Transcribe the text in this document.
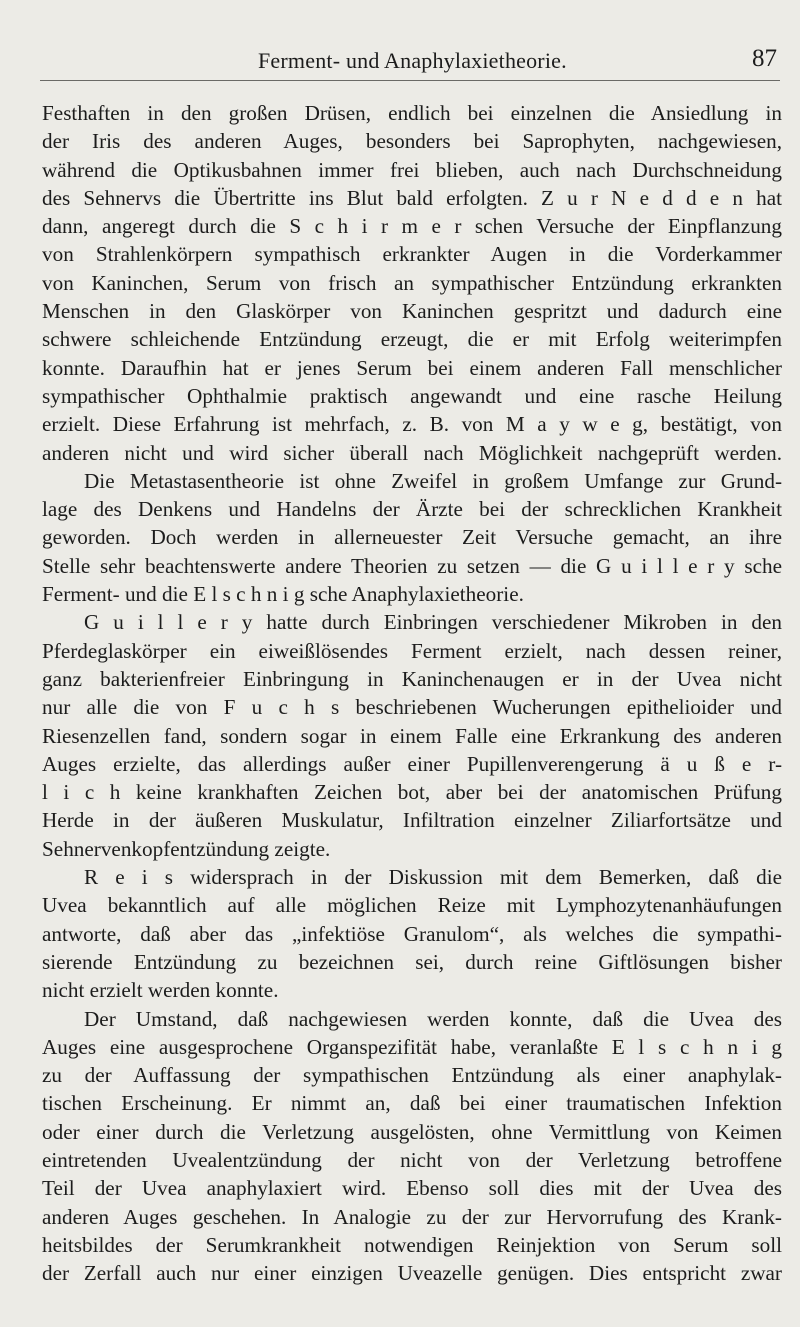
Ferment- und Anaphylaxietheorie.	87
Festhaften in den großen Drüsen, endlich bei einzelnen die Ansiedlung in
der Iris des anderen Auges, besonders bei Saprophyten, nachgewiesen,
während die Optikusbahnen immer frei blieben, auch nach Durchschneidung
des Sehnervs die Übertritte ins Blut bald erfolgten. Z u r N e d d e n hat
dann, angeregt durch die S c h i r m e r schen Versuche der Einpflanzung
von Strahlenkörpern sympathisch erkrankter Augen in die Vorderkammer
von Kaninchen, Serum von frisch an sympathischer Entzündung erkrankten
Menschen in den Glaskörper von Kaninchen gespritzt und dadurch eine
schwere schleichende Entzündung erzeugt, die er mit Erfolg weiterimpfen
konnte. Daraufhin hat er jenes Serum bei einem anderen Fall menschlicher
sympathischer Ophthalmie praktisch angewandt und eine rasche Heilung
erzielt. Diese Erfahrung ist mehrfach, z. B. von M a y w e g, bestätigt, von
anderen nicht und wird sicher überall nach Möglichkeit nachgeprüft werden.
Die Metastasentheorie ist ohne Zweifel in großem Umfange zur Grund-
lage des Denkens und Handelns der Ärzte bei der schrecklichen Krankheit
geworden. Doch werden in allerneuester Zeit Versuche gemacht, an ihre
Stelle sehr beachtenswerte andere Theorien zu setzen — die G u i l l e r y sche
Ferment- und die E l s c h n i g sche Anaphylaxietheorie.
G u i l l e r y hatte durch Einbringen verschiedener Mikroben in den
Pferdeglaskörper ein eiweißlösendes Ferment erzielt, nach dessen reiner,
ganz bakterienfreier Einbringung in Kaninchenaugen er in der Uvea nicht
nur alle die von F u c h s beschriebenen Wucherungen epithelioider und
Riesenzellen fand, sondern sogar in einem Falle eine Erkrankung des anderen
Auges erzielte, das allerdings außer einer Pupillenverengerung ä u ß e r-
l i c h keine krankhaften Zeichen bot, aber bei der anatomischen Prüfung
Herde in der äußeren Muskulatur, Infiltration einzelner Ziliarfortsätze und
Sehnervenkopfentzündung zeigte.
R e i s widersprach in der Diskussion mit dem Bemerken, daß die
Uvea bekanntlich auf alle möglichen Reize mit Lymphozytenanhäufungen
antworte, daß aber das „infektiöse Granulom“, als welches die sympathi-
sierende Entzündung zu bezeichnen sei, durch reine Giftlösungen bisher
nicht erzielt werden konnte.
Der Umstand, daß nachgewiesen werden konnte, daß die Uvea des
Auges eine ausgesprochene Organspezifität habe, veranlaßte E l s c h n i g
zu der Auffassung der sympathischen Entzündung als einer anaphylak-
tischen Erscheinung. Er nimmt an, daß bei einer traumatischen Infektion
oder einer durch die Verletzung ausgelösten, ohne Vermittlung von Keimen
eintretenden Uvealentzündung der nicht von der Verletzung betroffene
Teil der Uvea anaphylaxiert wird. Ebenso soll dies mit der Uvea des
anderen Auges geschehen. In Analogie zu der zur Hervorrufung des Krank-
heitsbildes der Serumkrankheit notwendigen Reinjektion von Serum soll
der Zerfall auch nur einer einzigen Uveazelle genügen. Dies entspricht zwar
